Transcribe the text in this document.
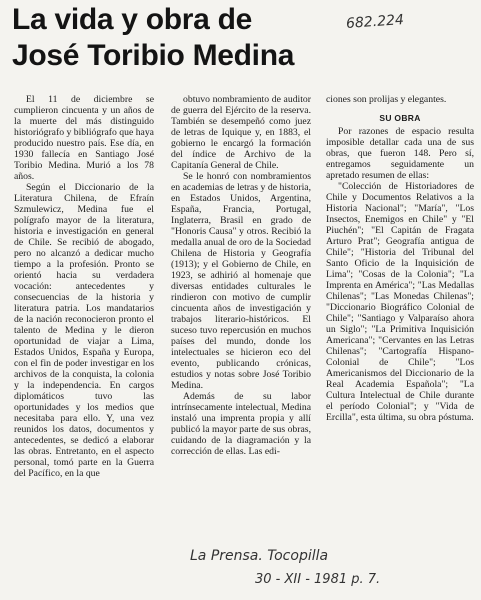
La vida y obra de
José Toribio Medina
682.224

El 11 de diciembre se cumplieron cincuenta y un años de la muerte del más distinguido historiógrafo y bibliógrafo que haya producido nuestro país. Ese día, en 1930 fallecía en Santiago José Toribio Medina. Murió a los 78 años.

Según el Diccionario de la Literatura Chilena, de Efraín Szmulewicz, Medina fue el polígrafo mayor de la literatura, historia e investigación en general de Chile. Se recibió de abogado, pero no alcanzó a dedicar mucho tiempo a la profesión. Pronto se orientó hacia su verdadera vocación: antecedentes y consecuencias de la historia y literatura patria. Los mandatarios de la nación reconocieron pronto el talento de Medina y le dieron oportunidad de viajar a Lima, Estados Unidos, España y Europa, con el fin de poder investigar en los archivos de la conquista, la colonia y la independencia. En cargos diplomáticos tuvo las oportunidades y los medios que necesitaba para ello. Y, una vez reunidos los datos, documentos y antecedentes, se dedicó a elaborar las obras. Entretanto, en el aspecto personal, tomó parte en la Guerra del Pacífico, en la que

obtuvo nombramiento de auditor de guerra del Ejército de la reserva. También se desempeñó como juez de letras de Iquique y, en 1883, el gobierno le encargó la formación del índice de Archivo de la Capitanía General de Chile.

Se le honró con nombramientos en academias de letras y de historia, en Estados Unidos, Argentina, España, Francia, Portugal, Inglaterra, Brasil en grado de "Honoris Causa" y otros. Recibió la medalla anual de oro de la Sociedad Chilena de Historia y Geografía (1913); y el Gobierno de Chile, en 1923, se adhirió al homenaje que diversas entidades culturales le rindieron con motivo de cumplir cincuenta años de investigación y trabajos literario-históricos. El suceso tuvo repercusión en muchos países del mundo, donde los intelectuales se hicieron eco del evento, publicando crónicas, estudios y notas sobre José Toribio Medina.

Además de su labor intrínsecamente intelectual, Medina instaló una imprenta propia y allí publicó la mayor parte de sus obras, cuidando de la diagramación y la corrección de ellas. Las edi-

ciones son prolijas y elegantes.

SU OBRA

Por razones de espacio resulta imposible detallar cada una de sus obras, que fueron 148. Pero sí, entregamos seguidamente un apretado resumen de ellas:

"Colección de Historiadores de Chile y Documentos Relativos a la Historia Nacional"; "María", "Los Insectos, Enemigos en Chile" y "El Piuchén"; "El Capitán de Fragata Arturo Prat"; Geografía antigua de Chile"; "Historia del Tribunal del Santo Oficio de la Inquisición de Lima"; "Cosas de la Colonia"; "La Imprenta en América"; "Las Medallas Chilenas"; "Las Monedas Chilenas"; "Diccionario Biográfico Colonial de Chile"; "Santiago y Valparaíso ahora un Siglo"; "La Primitiva Inquisición Americana"; "Cervantes en las Letras Chilenas"; "Cartografía Hispano-Colonial de Chile"; "Los Americanismos del Diccionario de la Real Academia Española"; "La Cultura Intelectual de Chile durante el período Colonial"; y "Vida de Ercilla", esta última, su obra póstuma.

La Prensa. Tocopilla
30 - XII - 1981 p. 7.
